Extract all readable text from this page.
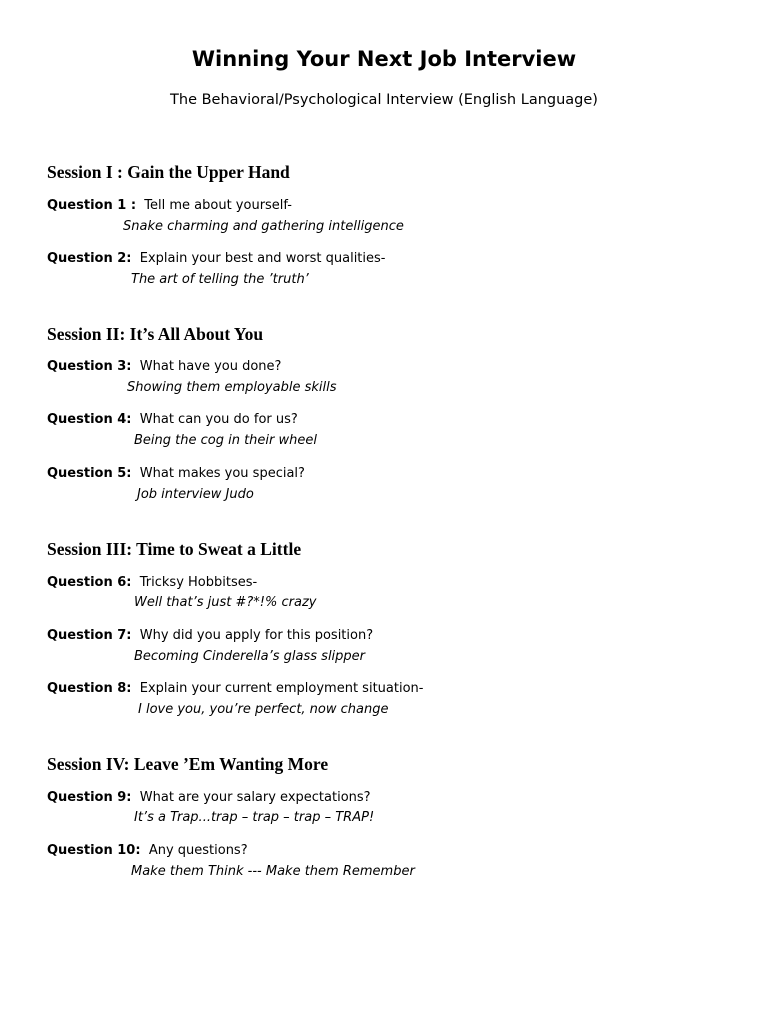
Winning Your Next Job Interview
The Behavioral/Psychological Interview (English Language)
Session I : Gain the Upper Hand
Question 1 : Tell me about yourself-
Snake charming and gathering intelligence
Question 2: Explain your best and worst qualities-
The art of telling the ’truth’
Session II: It’s All About You
Question 3: What have you done?
Showing them employable skills
Question 4: What can you do for us?
Being the cog in their wheel
Question 5: What makes you special?
Job interview Judo
Session III: Time to Sweat a Little
Question 6: Tricksy Hobbitses-
Well that’s just #?*!% crazy
Question 7: Why did you apply for this position?
Becoming Cinderella’s glass slipper
Question 8: Explain your current employment situation-
I love you, you’re perfect, now change
Session IV: Leave ’Em Wanting More
Question 9: What are your salary expectations?
It’s a Trap...trap – trap – trap – TRAP!
Question 10: Any questions?
Make them Think --- Make them Remember
